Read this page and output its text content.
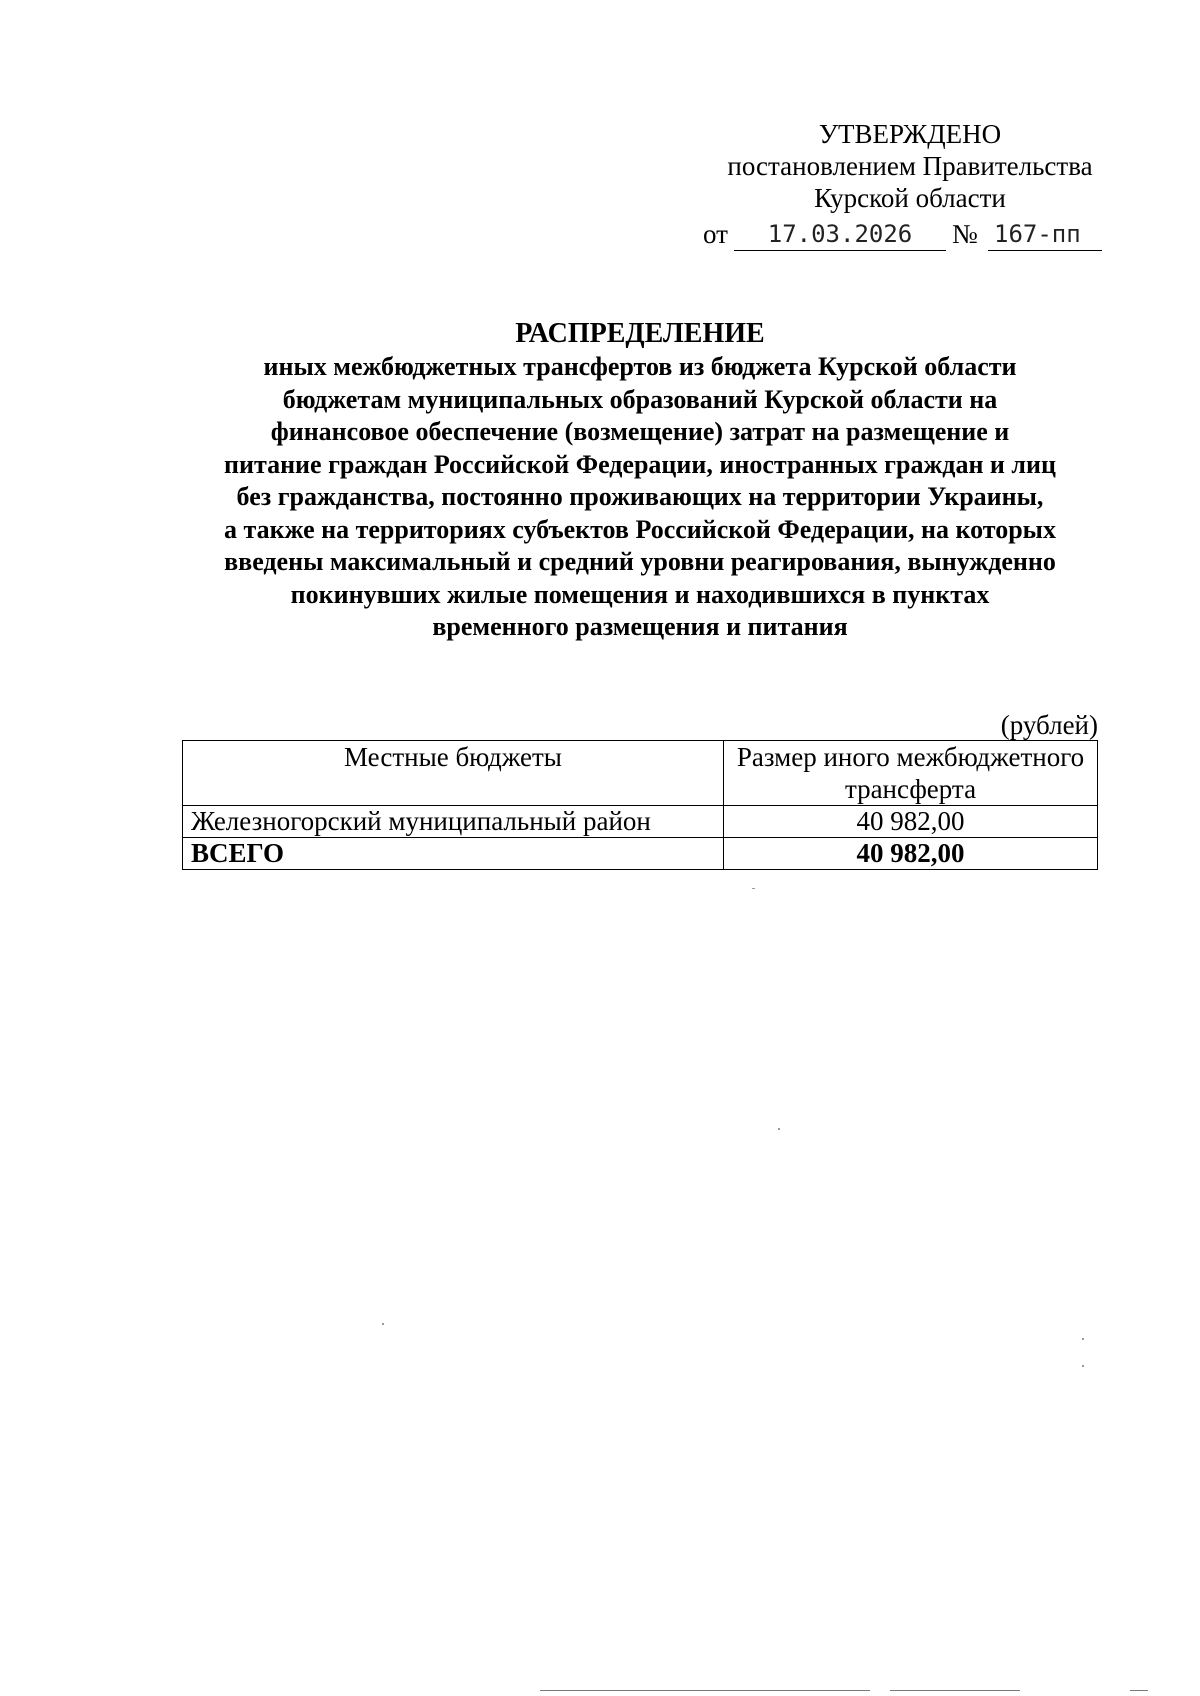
УТВЕРЖДЕНО
постановлением Правительства
Курской области
от	17.03.2026	№ 167-пп
РАСПРЕДЕЛЕНИЕ
иных межбюджетных трансфертов из бюджета Курской области
бюджетам муниципальных образований Курской области на
финансовое обеспечение (возмещение) затрат на размещение и
питание граждан Российской Федерации, иностранных граждан и лиц
без гражданства, постоянно проживающих на территории Украины,
а также на территориях субъектов Российской Федерации, на которых
введены максимальный и средний уровни реагирования, вынужденно
покинувших жилые помещения и находившихся в пунктах
временного размещения и питания
(рублей)
Местные бюджеты	Размер иного межбюджетного трансферта
Железногорский муниципальный район	40 982,00
ВСЕГО	40 982,00
